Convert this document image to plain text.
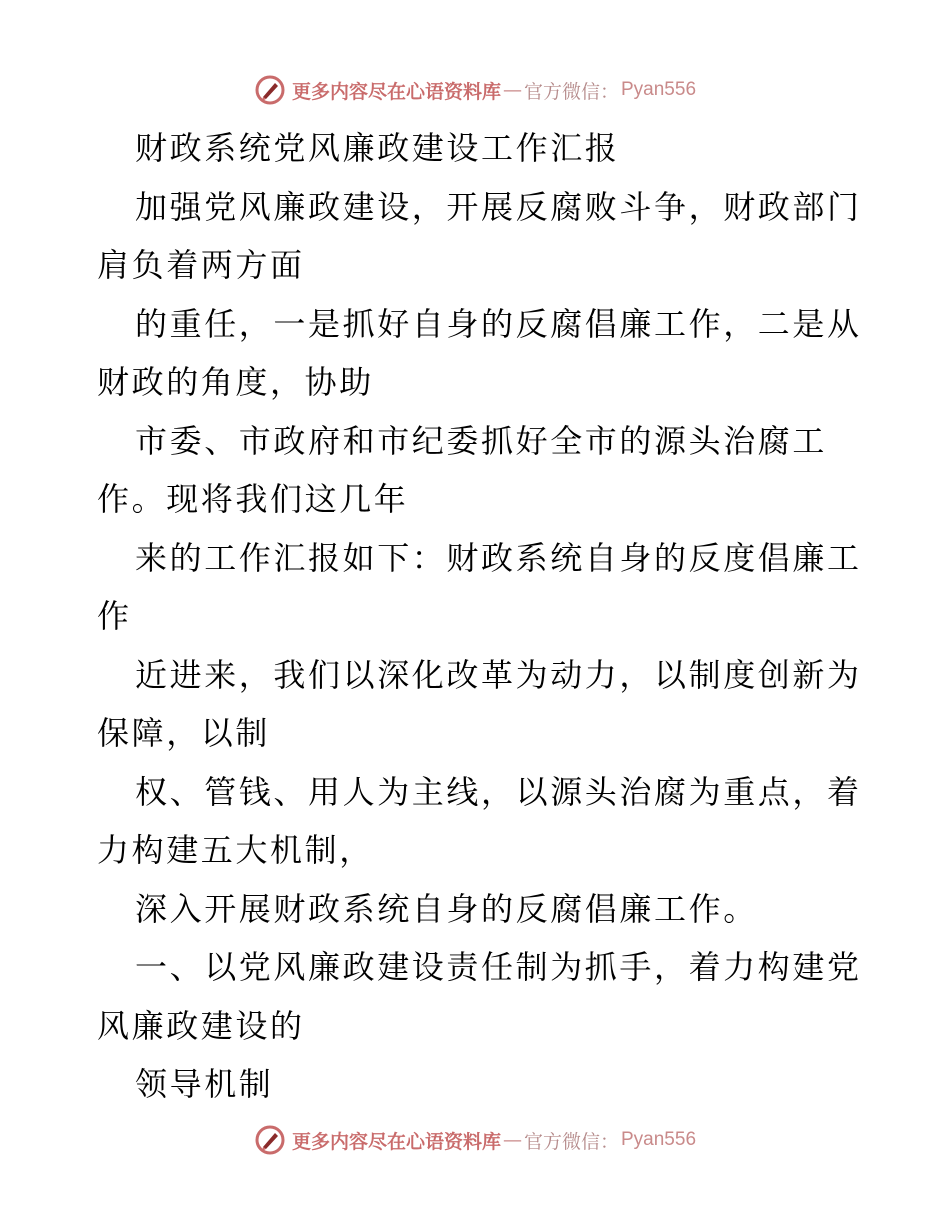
更多内容尽在心语资料库 — 官方微信： Pyan556
财政系统党风廉政建设工作汇报
加强党风廉政建设，开展反腐败斗争，财政部门
肩负着两方面
的重任，一是抓好自身的反腐倡廉工作，二是从
财政的角度，协助
市委、市政府和市纪委抓好全市的源头治腐工
作。现将我们这几年
来的工作汇报如下：财政系统自身的反度倡廉工
作
近进来，我们以深化改革为动力，以制度创新为
保障，以制
权、管钱、用人为主线，以源头治腐为重点，着
力构建五大机制，
深入开展财政系统自身的反腐倡廉工作。
一、以党风廉政建设责任制为抓手，着力构建党
风廉政建设的
领导机制
更多内容尽在心语资料库 — 官方微信： Pyan556
